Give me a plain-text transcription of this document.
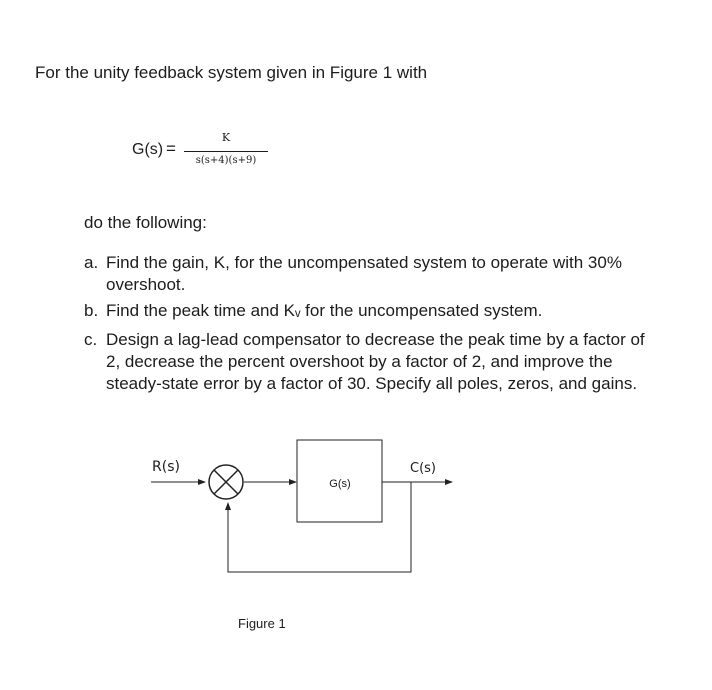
For the unity feedback system given in Figure 1 with
G(s) =
K
s(s+4)(s+9)
do the following:
a. Find the gain, K, for the uncompensated system to operate with 30%
overshoot.
b. Find the peak time and Kᵥ for the uncompensated system.
c. Design a lag-lead compensator to decrease the peak time by a factor of
2, decrease the percent overshoot by a factor of 2, and improve the
steady-state error by a factor of 30. Specify all poles, zeros, and gains.
G(s)
R(s)	C(s)
Figure 1
